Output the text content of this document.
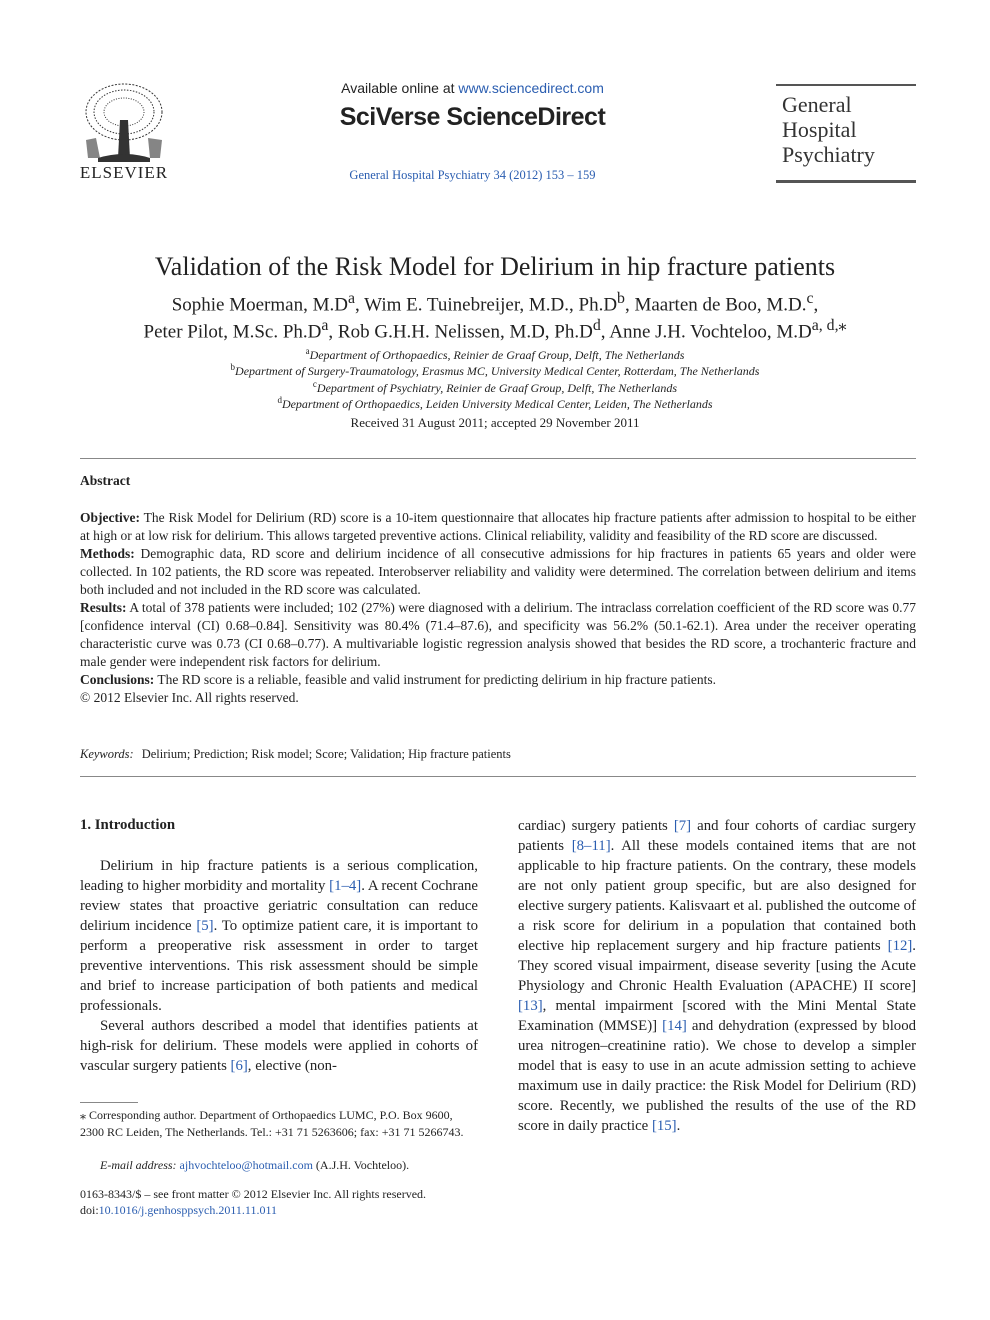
ELSEVIER
Available online at www.sciencedirect.com
SciVerse ScienceDirect
General Hospital Psychiatry 34 (2012) 153 – 159
General
Hospital
Psychiatry
Validation of the Risk Model for Delirium in hip fracture patients
Sophie Moerman, $M.D^a$, Wim E. Tuinebreijer, M.D., $Ph.D^b$, Maarten de Boo, M.D.$^c$,
Peter Pilot, M.Sc. $Ph.D^a$, Rob G.H.H. Nelissen, M.D, $Ph.D^d$, Anne J.H. Vochteloo, $M.D^{a, d,⁎}$
$^a$Department of Orthopaedics, Reinier de Graaf Group, Delft, The Netherlands
$^b$Department of Surgery-Traumatology, Erasmus MC, University Medical Center, Rotterdam, The Netherlands
$^c$Department of Psychiatry, Reinier de Graaf Group, Delft, The Netherlands
$^d$Department of Orthopaedics, Leiden University Medical Center, Leiden, The Netherlands
Received 31 August 2011; accepted 29 November 2011
Abstract

Objective: The Risk Model for Delirium (RD) score is a 10-item questionnaire that allocates hip fracture patients after admission to hospital to be either at high or at low risk for delirium. This allows targeted preventive actions. Clinical reliability, validity and feasibility of the RD score are discussed.

Methods: Demographic data, RD score and delirium incidence of all consecutive admissions for hip fractures in patients 65 years and older were collected. In 102 patients, the RD score was repeated. Interobserver reliability and validity were determined. The correlation between delirium and items both included and not included in the RD score was calculated.

Results: A total of 378 patients were included; 102 (27%) were diagnosed with a delirium. The intraclass correlation coefficient of the RD score was 0.77 [confidence interval (CI) 0.68–0.84]. Sensitivity was 80.4% (71.4–87.6), and specificity was 56.2% (50.1-62.1). Area under the receiver operating characteristic curve was 0.73 (CI 0.68–0.77). A multivariable logistic regression analysis showed that besides the RD score, a trochanteric fracture and male gender were independent risk factors for delirium.

Conclusions: The RD score is a reliable, feasible and valid instrument for predicting delirium in hip fracture patients.

© 2012 Elsevier Inc. All rights reserved.

Keywords: Delirium; Prediction; Risk model; Score; Validation; Hip fracture patients
1. Introduction

Delirium in hip fracture patients is a serious complication, leading to higher morbidity and mortality [1–4]. A recent Cochrane review states that proactive geriatric consultation can reduce delirium incidence [5]. To optimize patient care, it is important to perform a preoperative risk assessment in order to target preventive interventions. This risk assessment should be simple and brief to increase participation of both patients and medical professionals.

Several authors described a model that identifies patients at high-risk for delirium. These models were applied in cohorts of vascular surgery patients [6], elective (non-

cardiac) surgery patients [7] and four cohorts of cardiac surgery patients [8–11]. All these models contained items that are not applicable to hip fracture patients. On the contrary, these models are not only patient group specific, but are also designed for elective surgery patients. Kalisvaart et al. published the outcome of a risk score for delirium in a population that contained both elective hip replacement surgery and hip fracture patients [12]. They scored visual impairment, disease severity [using the Acute Physiology and Chronic Health Evaluation (APACHE) II score] [13], mental impairment [scored with the Mini Mental State Examination (MMSE)] [14] and dehydration (expressed by blood urea nitrogen–creatinine ratio). We chose to develop a simpler model that is easy to use in an acute admission setting to achieve maximum use in daily practice: the Risk Model for Delirium (RD) score. Recently, we published the results of the use of the RD score in daily practice [15].

⁎ Corresponding author. Department of Orthopaedics LUMC, P.O. Box 9600, 2300 RC Leiden, The Netherlands. Tel.: +31 71 5263606; fax: +31 71 5266743.
E-mail address: ajhvochteloo@hotmail.com (A.J.H. Vochteloo).
0163-8343/$ – see front matter © 2012 Elsevier Inc. All rights reserved.
doi:10.1016/j.genhosppsych.2011.11.011
